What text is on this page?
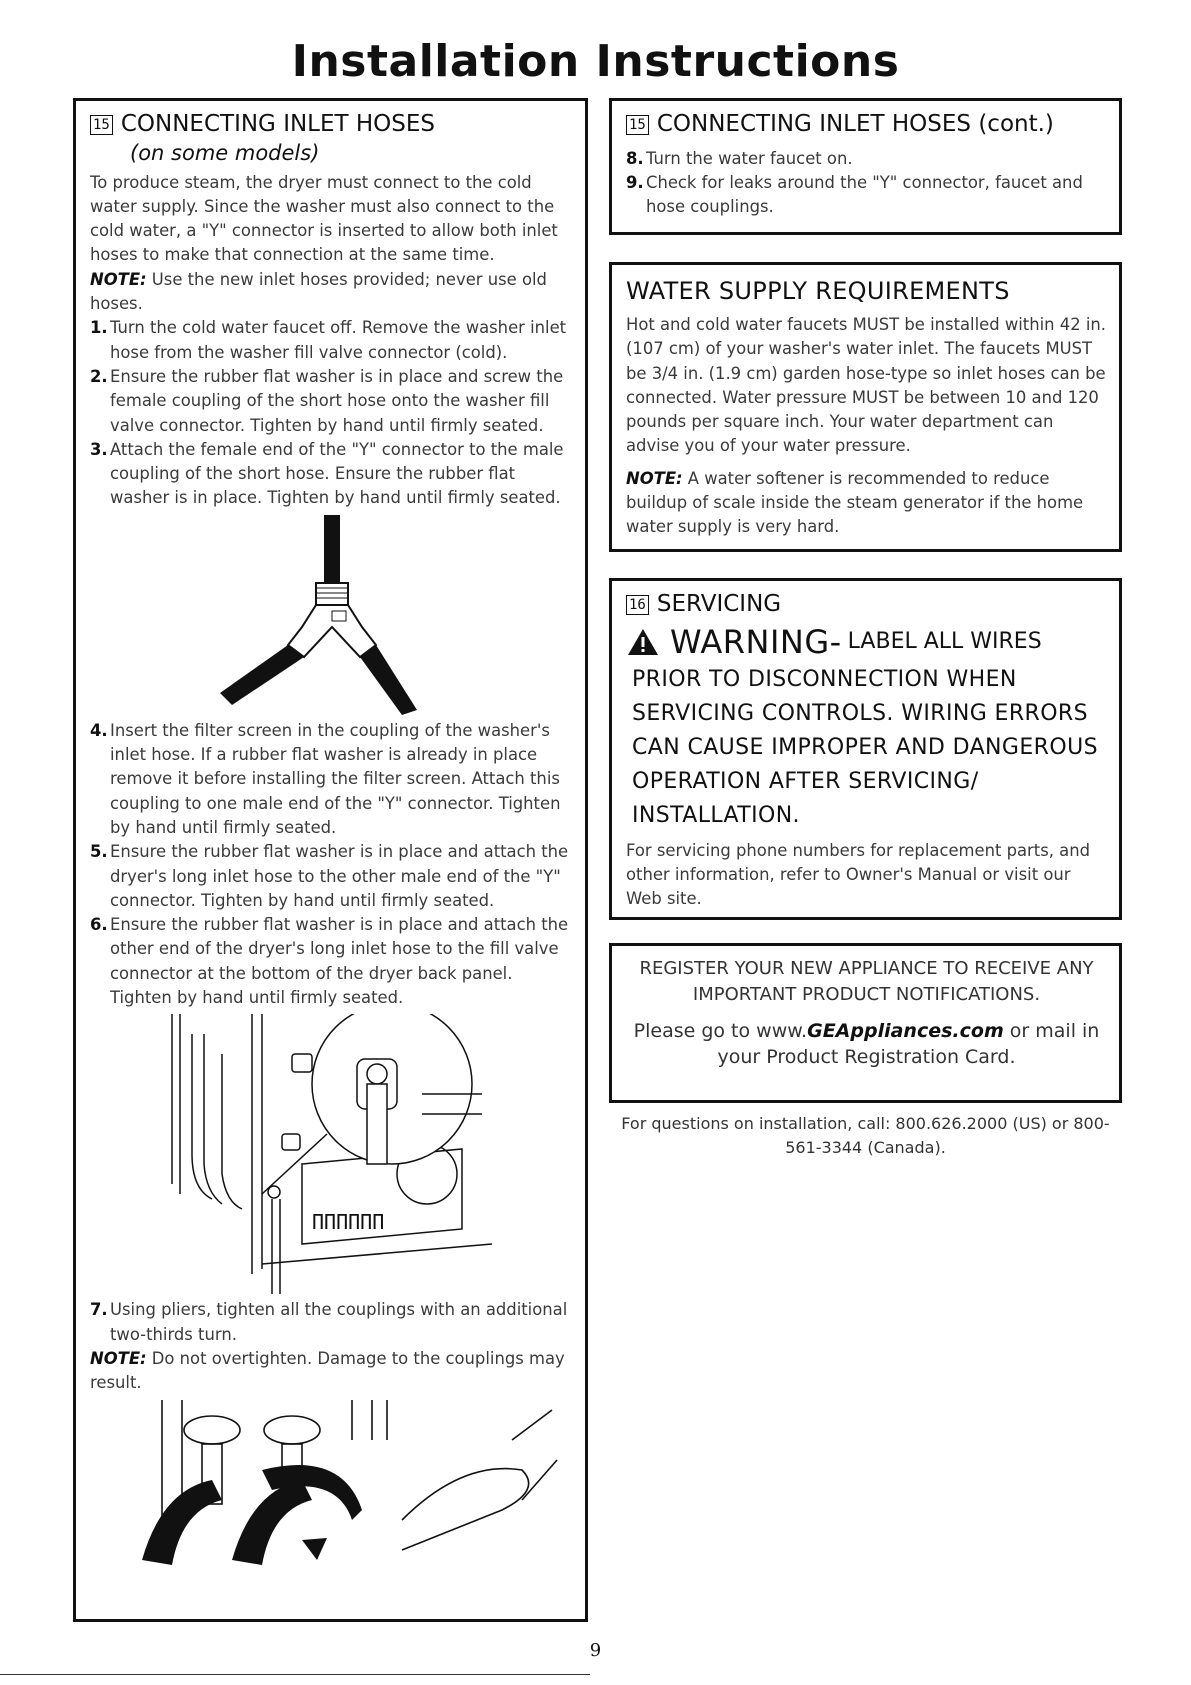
Installation Instructions
15 CONNECTING INLET HOSES
(on some models)

To produce steam, the dryer must connect to the cold water supply. Since the washer must also connect to the cold water, a "Y" connector is inserted to allow both inlet hoses to make that connection at the same time.

NOTE: Use the new inlet hoses provided; never use old hoses.

1. Turn the cold water faucet off. Remove the washer inlet hose from the washer fill valve connector (cold).
2. Ensure the rubber flat washer is in place and screw the female coupling of the short hose onto the washer fill valve connector. Tighten by hand until firmly seated.
3. Attach the female end of the "Y" connector to the male coupling of the short hose. Ensure the rubber flat washer is in place. Tighten by hand until firmly seated.
4. Insert the filter screen in the coupling of the washer's inlet hose. If a rubber flat washer is already in place remove it before installing the filter screen. Attach this coupling to one male end of the "Y" connector. Tighten by hand until firmly seated.
5. Ensure the rubber flat washer is in place and attach the dryer's long inlet hose to the other male end of the "Y" connector. Tighten by hand until firmly seated.
6. Ensure the rubber flat washer is in place and attach the other end of the dryer's long inlet hose to the fill valve connector at the bottom of the dryer back panel. Tighten by hand until firmly seated.
ΠΠΠΠΠΠ
7. Using pliers, tighten all the couplings with an additional two-thirds turn.

NOTE: Do not overtighten. Damage to the couplings may result.

15 CONNECTING INLET HOSES (cont.)
8. Turn the water faucet on.
9. Check for leaks around the "Y" connector, faucet and hose couplings.
WATER SUPPLY REQUIREMENTS

Hot and cold water faucets MUST be installed within 42 in. (107 cm) of your washer's water inlet. The faucets MUST be 3/4 in. (1.9 cm) garden hose-type so inlet hoses can be connected. Water pressure MUST be between 10 and 120 pounds per square inch. Your water department can advise you of your water pressure.

NOTE: A water softener is recommended to reduce buildup of scale inside the steam generator if the home water supply is very hard.

16 SERVICING
WARNING- LABEL ALL WIRES
PRIOR TO DISCONNECTION WHEN SERVICING CONTROLS. WIRING ERRORS CAN CAUSE IMPROPER AND DANGEROUS OPERATION AFTER SERVICING/ INSTALLATION.

For servicing phone numbers for replacement parts, and other information, refer to Owner's Manual or visit our Web site.

REGISTER YOUR NEW APPLIANCE TO RECEIVE ANY IMPORTANT PRODUCT NOTIFICATIONS.
Please go to www.GEAppliances.com or mail in your Product Registration Card.
For questions on installation, call: 800.626.2000 (US) or 800-561-3344 (Canada).
9
